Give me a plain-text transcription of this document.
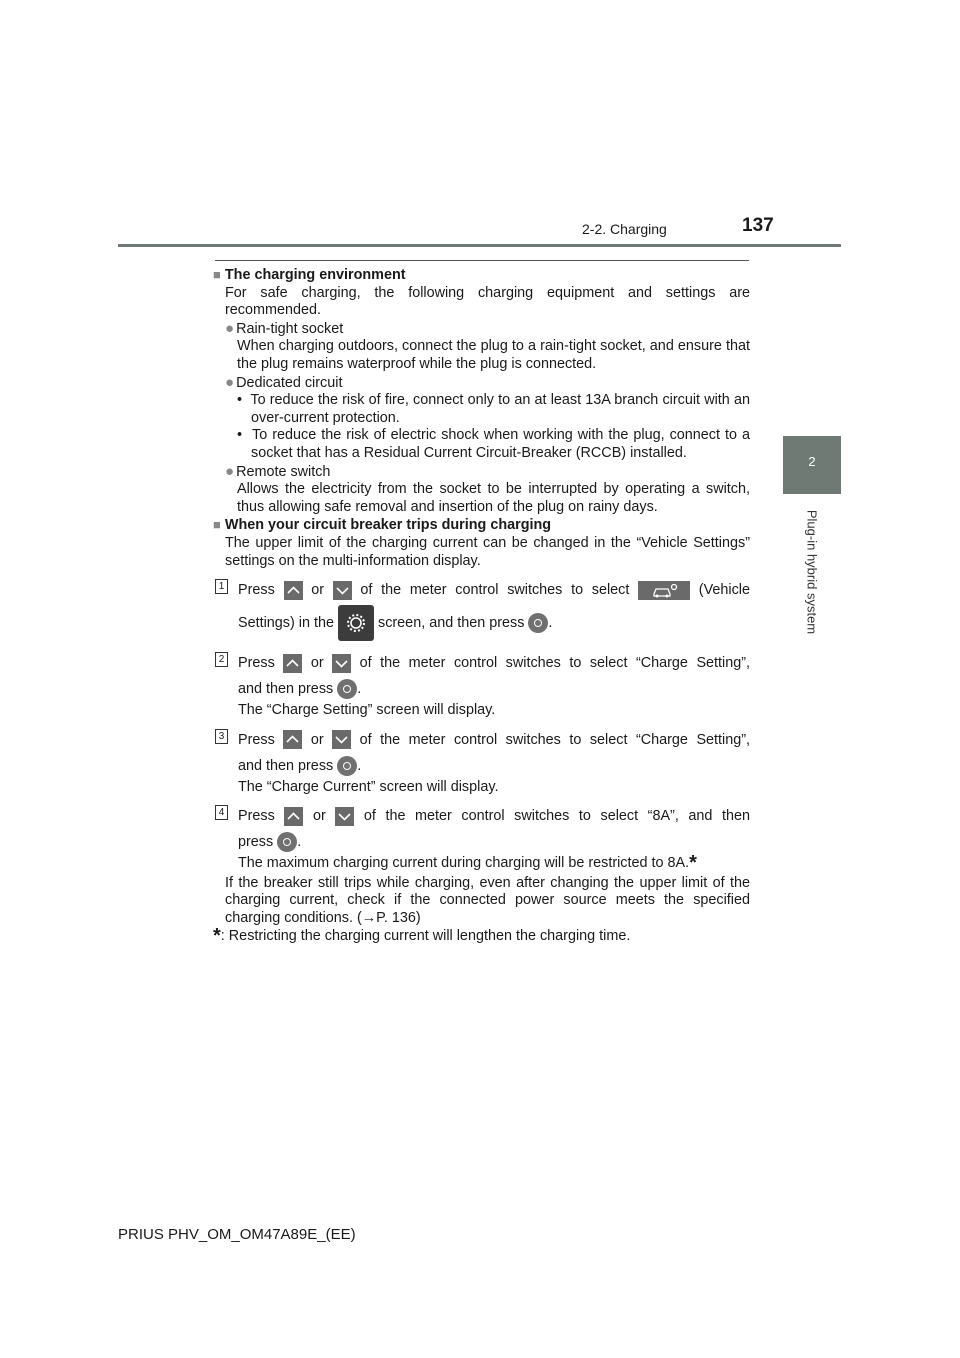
2-2. Charging	137
2
Plug-in hybrid system

■ The charging environment

For safe charging, the following charging equipment and settings are recommended.

● Rain-tight socket

When charging outdoors, connect the plug to a rain-tight socket, and ensure that the plug remains waterproof while the plug is connected.

● Dedicated circuit

•  To reduce the risk of fire, connect only to an at least 13A branch circuit with an over-current protection.

•  To reduce the risk of electric shock when working with the plug, connect to a socket that has a Residual Current Circuit-Breaker (RCCB) installed.

● Remote switch

Allows the electricity from the socket to be interrupted by operating a switch, thus allowing safe removal and insertion of the plug on rainy days.

■ When your circuit breaker trips during charging

The upper limit of the charging current can be changed in the “Vehicle Settings” settings on the multi-information display.

1 Press	or	of the meter control switches to select	(Vehicle
Settings) in the	screen, and then press .
2 Press	or	of the meter control switches to select “Charge Setting”,
and then press .

The “Charge Setting” screen will display.

3 Press	or	of the meter control switches to select “Charge Setting”,
and then press .

The “Charge Current” screen will display.

4 Press	or	of the meter control switches to select “8A”, and then
press .

The maximum charging current during charging will be restricted to 8A.*

If the breaker still trips while charging, even after changing the upper limit of the charging current, check if the connected power source meets the specified charging conditions. (→P. 136)

*: Restricting the charging current will lengthen the charging time.

PRIUS PHV_OM_OM47A89E_(EE)
